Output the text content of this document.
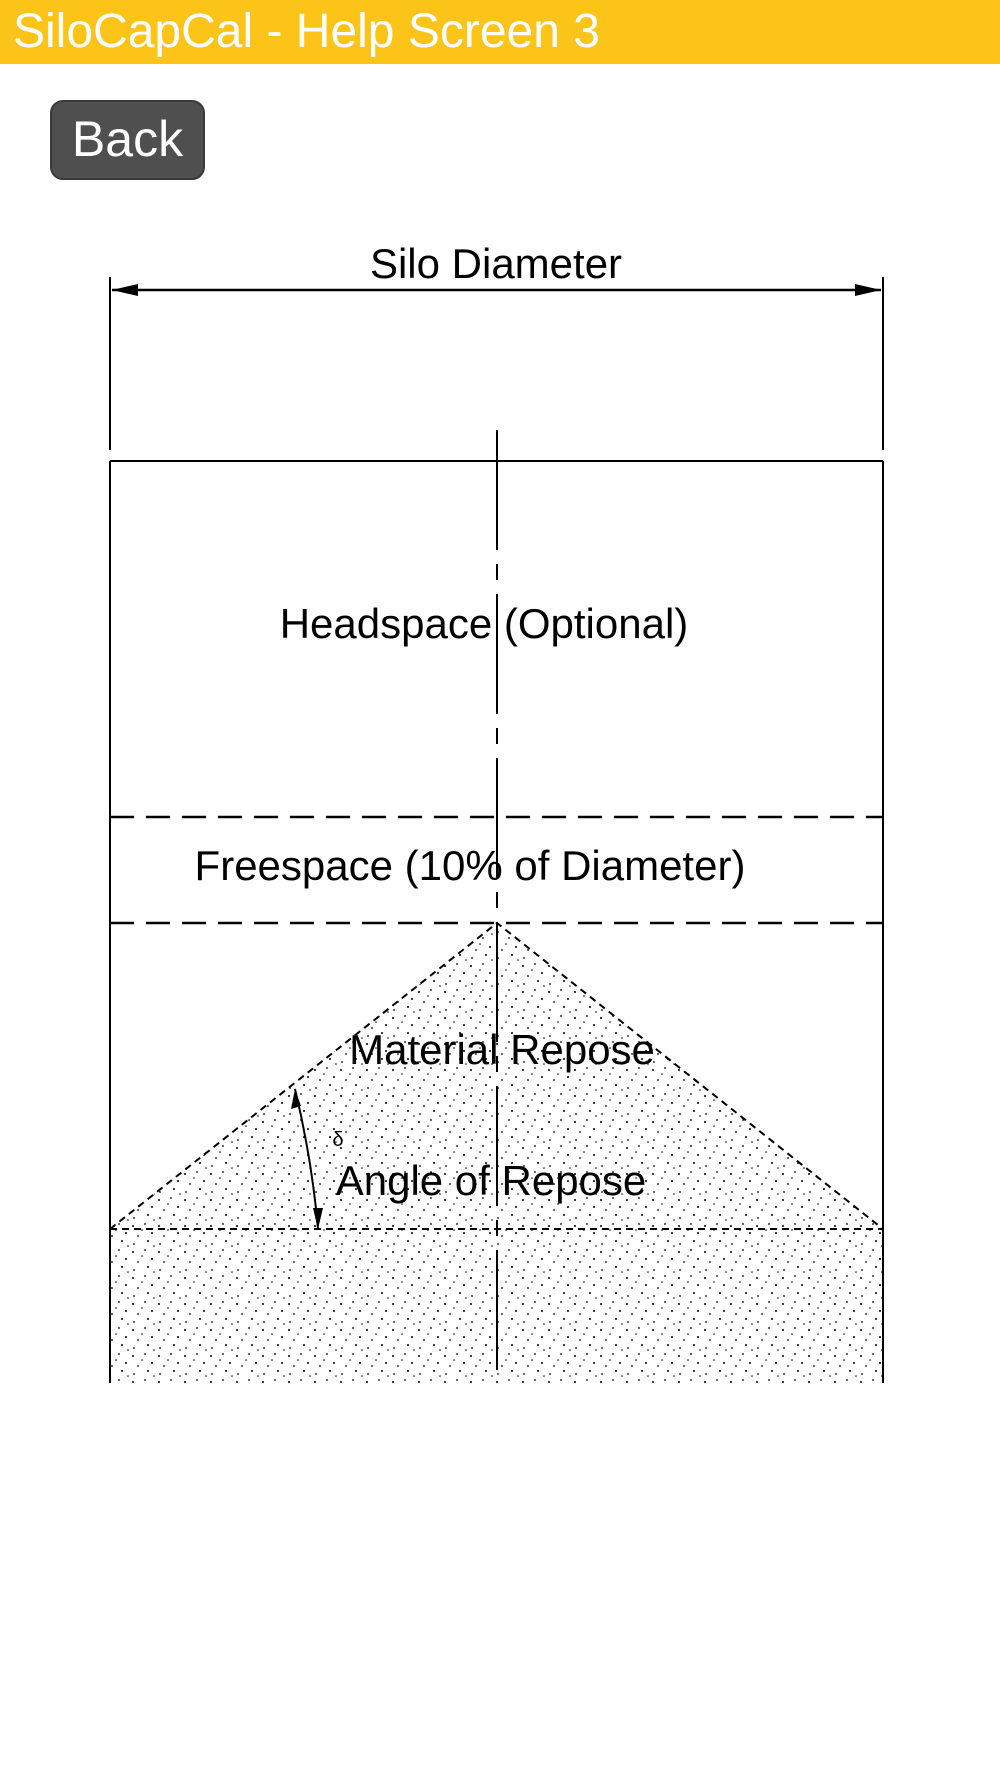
SiloCapCal - Help Screen 3
Back
Silo Diameter
δ
Headspace (Optional)
Freespace (10% of Diameter)
Material Repose
Angle of Repose
